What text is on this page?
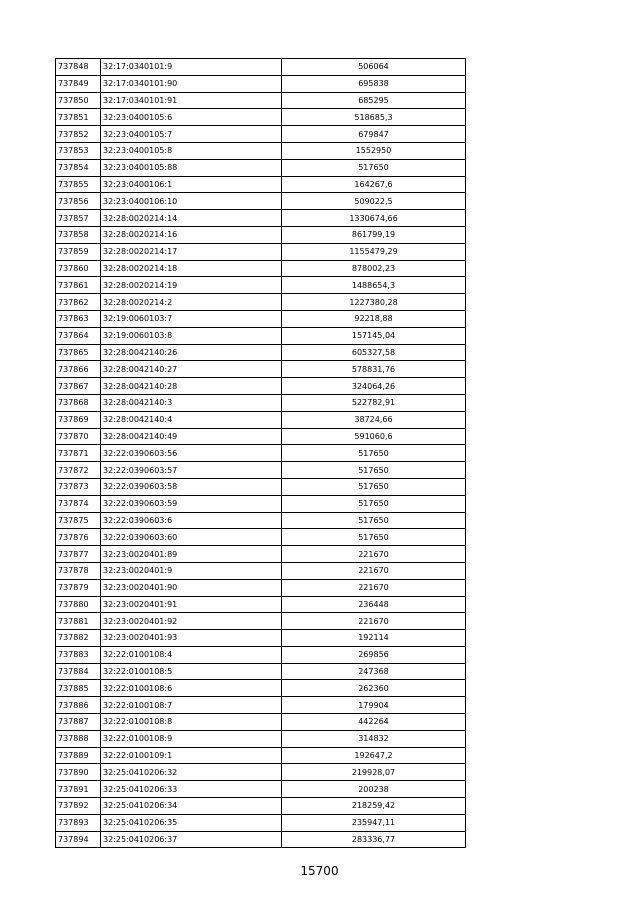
737848	32:17:0340101:9	506064
737849	32:17:0340101:90	695838
737850	32:17:0340101:91	685295
737851	32:23:0400105:6	518685,3
737852	32:23:0400105:7	679847
737853	32:23:0400105:8	1552950
737854	32:23:0400105:88	517650
737855	32:23:0400106:1	164267,6
737856	32:23:0400106:10	509022,5
737857	32:28:0020214:14	1330674,66
737858	32:28:0020214:16	861799,19
737859	32:28:0020214:17	1155479,29
737860	32:28:0020214:18	878002,23
737861	32:28:0020214:19	1488654,3
737862	32:28:0020214:2	1227380,28
737863	32:19:0060103:7	92218,88
737864	32:19:0060103:8	157145,04
737865	32:28:0042140:26	605327,58
737866	32:28:0042140:27	578831,76
737867	32:28:0042140:28	324064,26
737868	32:28:0042140:3	522782,91
737869	32:28:0042140:4	38724,66
737870	32:28:0042140:49	591060,6
737871	32:22:0390603:56	517650
737872	32:22:0390603:57	517650
737873	32:22:0390603:58	517650
737874	32:22:0390603:59	517650
737875	32:22:0390603:6	517650
737876	32:22:0390603:60	517650
737877	32:23:0020401:89	221670
737878	32:23:0020401:9	221670
737879	32:23:0020401:90	221670
737880	32:23:0020401:91	236448
737881	32:23:0020401:92	221670
737882	32:23:0020401:93	192114
737883	32:22:0100108:4	269856
737884	32:22:0100108:5	247368
737885	32:22:0100108:6	262360
737886	32:22:0100108:7	179904
737887	32:22:0100108:8	442264
737888	32:22:0100108:9	314832
737889	32:22:0100109:1	192647,2
737890	32:25:0410206:32	219928,07
737891	32:25:0410206:33	200238
737892	32:25:0410206:34	218259,42
737893	32:25:0410206:35	235947,11
737894	32:25:0410206:37	283336,77
15700
